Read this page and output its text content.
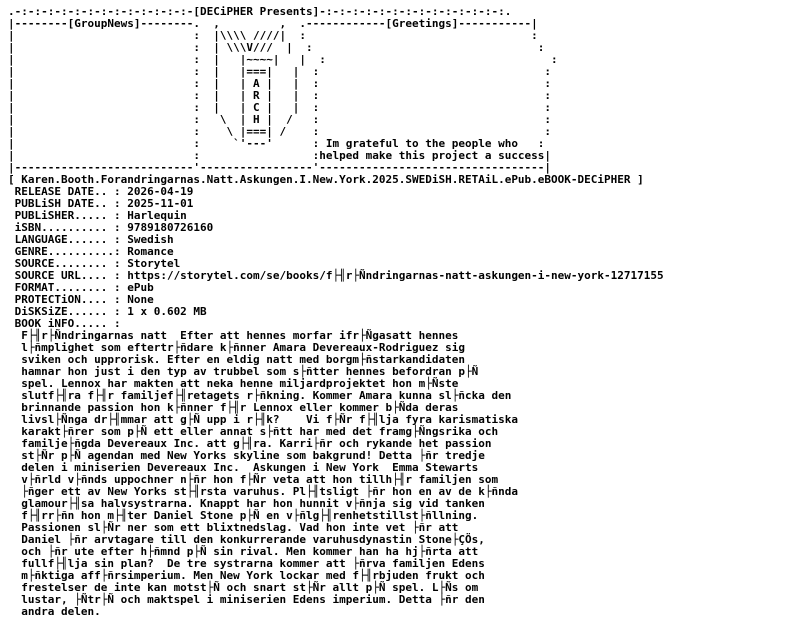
.-:-:-:-:-:-:-:-:-:-:-:-:-:-[DECiPHER Presents]-:-:-:-:-:-:-:-:-:-:-:-:-:-:.
|--------[GroupNews]--------.  ,         ,  .------------[Greetings]-----------|
|                           :  |\\\\ ////|  :                                  :
|                           :  | \\\V///  |  :                                  :
|                           :  |   |~~~~|   |  :                                  :
|                           :  |   |===|   |  :                                  :
|                           :  |   | A |   |  :                                  :
|                           :  |   | R |   |  :                                  :
|                           :  |   | C |   |  :                                  :
|                           :   \  | H |  /   :                                  :
|                           :    \ |===| /    :                                  :
|                           :     `'---'      : Im grateful to the people who   :
|                           :                 :helped make this project a success|
|---------------------------'-----------------'----------------------------------|
[ Karen.Booth.Forandringarnas.Natt.Askungen.I.New.York.2025.SWEDiSH.RETAiL.ePub.eBOOK-DECiPHER ]
RELEASE DATE.. : 2026-04-19
PUBLiSH DATE.. : 2025-11-01
PUBLiSHER..... : Harlequin
iSBN.......... : 9789180726160
LANGUAGE...... : Swedish
GENRE..........: Romance
SOURCE........ : Storytel
SOURCE URL.... : https://storytel.com/se/books/f├╢r├Ñndringarnas-natt-askungen-i-new-york-12717155
FORMAT........ : ePub
PROTECTiON.... : None
DiSKSiZE...... : 1 x 0.602 MB
BOOK iNFO..... :
F├╢r├Ñndringarnas natt  Efter att hennes morfar ifr├Ñgasatt hennes
l├ñmplighet som eftertr├ñdare k├ñnner Amara Devereaux-Rodriguez sig
sviken och upprorisk. Efter en eldig natt med borgm├ñstarkandidaten
hamnar hon just i den typ av trubbel som s├ñtter hennes befordran p├Ñ
spel. Lennox har makten att neka henne miljardprojektet hon m├Ñste
slutf├╢ra f├╢r familjef├╢retagets r├ñkning. Kommer Amara kunna sl├ñcka den
brinnande passion hon k├ñnner f├╢r Lennox eller kommer b├Ñda deras
livsl├Ñnga dr├╢mmar att g├Ñ upp i r├╢k?    Vi f├Ñr f├╢lja fyra karismatiska
karakt├ñrer som p├Ñ ett eller annat s├ñtt har med det framg├Ñngsrika och
familje├ñgda Devereaux Inc. att g├╢ra. Karri├ñr och rykande het passion
st├Ñr p├Ñ agendan med New Yorks skyline som bakgrund! Detta ├ñr tredje
delen i miniserien Devereaux Inc.  Askungen i New York  Emma Stewarts
v├ñrld v├ñnds uppochner n├ñr hon f├Ñr veta att hon tillh├╢r familjen som
├ñger ett av New Yorks st├╢rsta varuhus. Pl├╢tsligt ├ñr hon en av de k├ñnda
glamour├╢sa halvsystrarna. Knappt har hon hunnit v├ñnja sig vid tanken
f├╢rr├ñn hon m├╢ter Daniel Stone p├Ñ en v├ñlg├╢renhetstillst├ñllning.
Passionen sl├Ñr ner som ett blixtnedslag. Vad hon inte vet ├ñr att
Daniel ├ñr arvtagare till den konkurrerande varuhusdynastin Stone├ÇÖs,
och ├ñr ute efter h├ñmnd p├Ñ sin rival. Men kommer han ha hj├ñrta att
fullf├╢lja sin plan?  De tre systrarna kommer att ├ñrva familjen Edens
m├ñktiga aff├ñrsimperium. Men New York lockar med f├╢rbjuden frukt och
frestelser de inte kan motst├Ñ och snart st├Ñr allt p├Ñ spel. L├Ñs om
lustar, ├Ñtr├Ñ och maktspel i miniserien Edens imperium. Detta ├ñr den
andra delen.
